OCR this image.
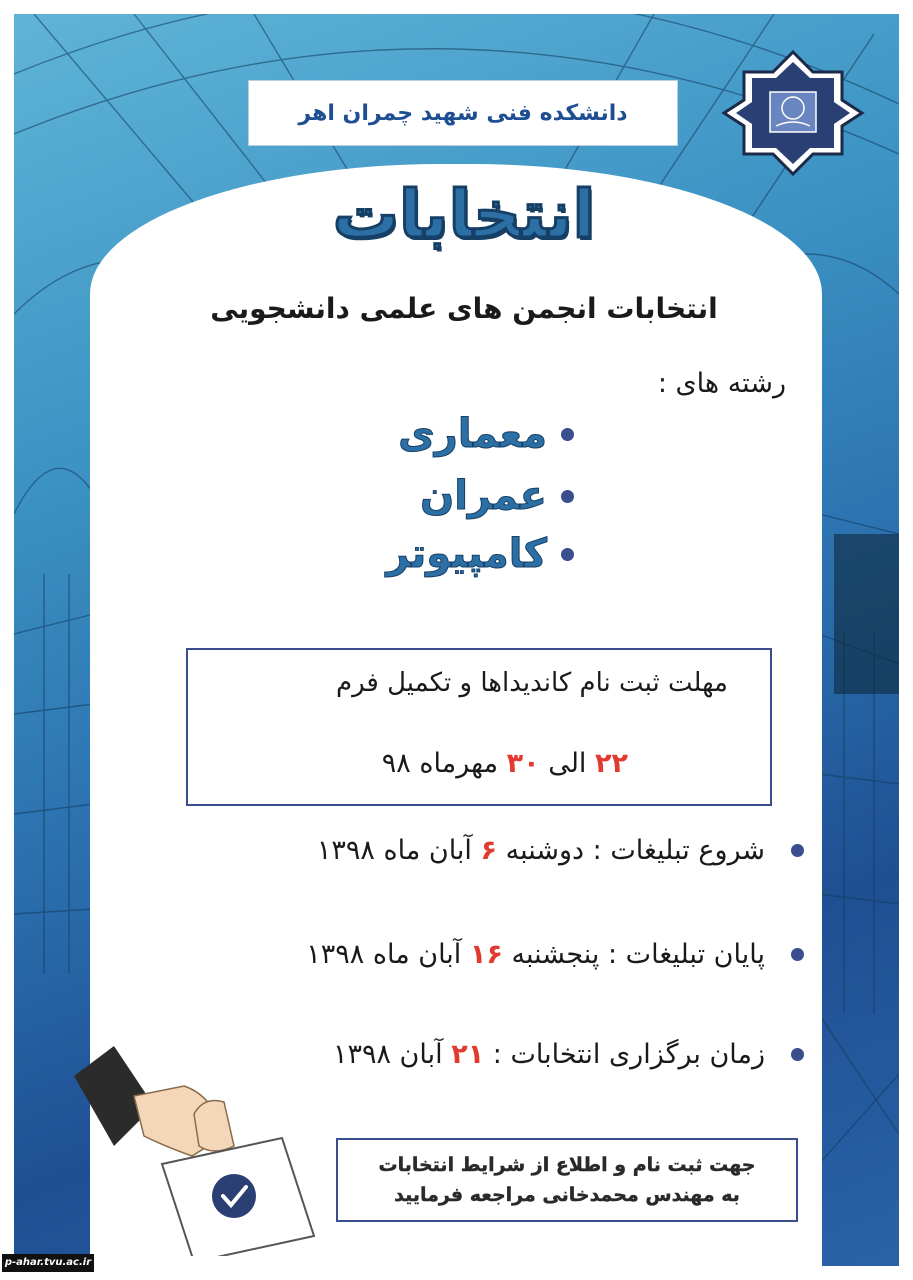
دانشکده فنی شهید چمران اهر
انتخابات
انتخابات انجمن های علمی دانشجویی
رشته های :
معماری
عمران
کامپیوتر
مهلت ثبت نام کاندیداها و تکمیل فرم
۲۲ الی ۳۰ مهرماه ۹۸
شروع تبلیغات : دوشنبه ۶ آبان ماه ۱۳۹۸
پایان تبلیغات : پنجشنبه ۱۶ آبان ماه ۱۳۹۸
زمان برگزاری انتخابات : ۲۱ آبان ۱۳۹۸
جهت ثبت نام و اطلاع از شرایط انتخابات
به مهندس محمدخانی مراجعه فرمایید
p-ahar.tvu.ac.ir
